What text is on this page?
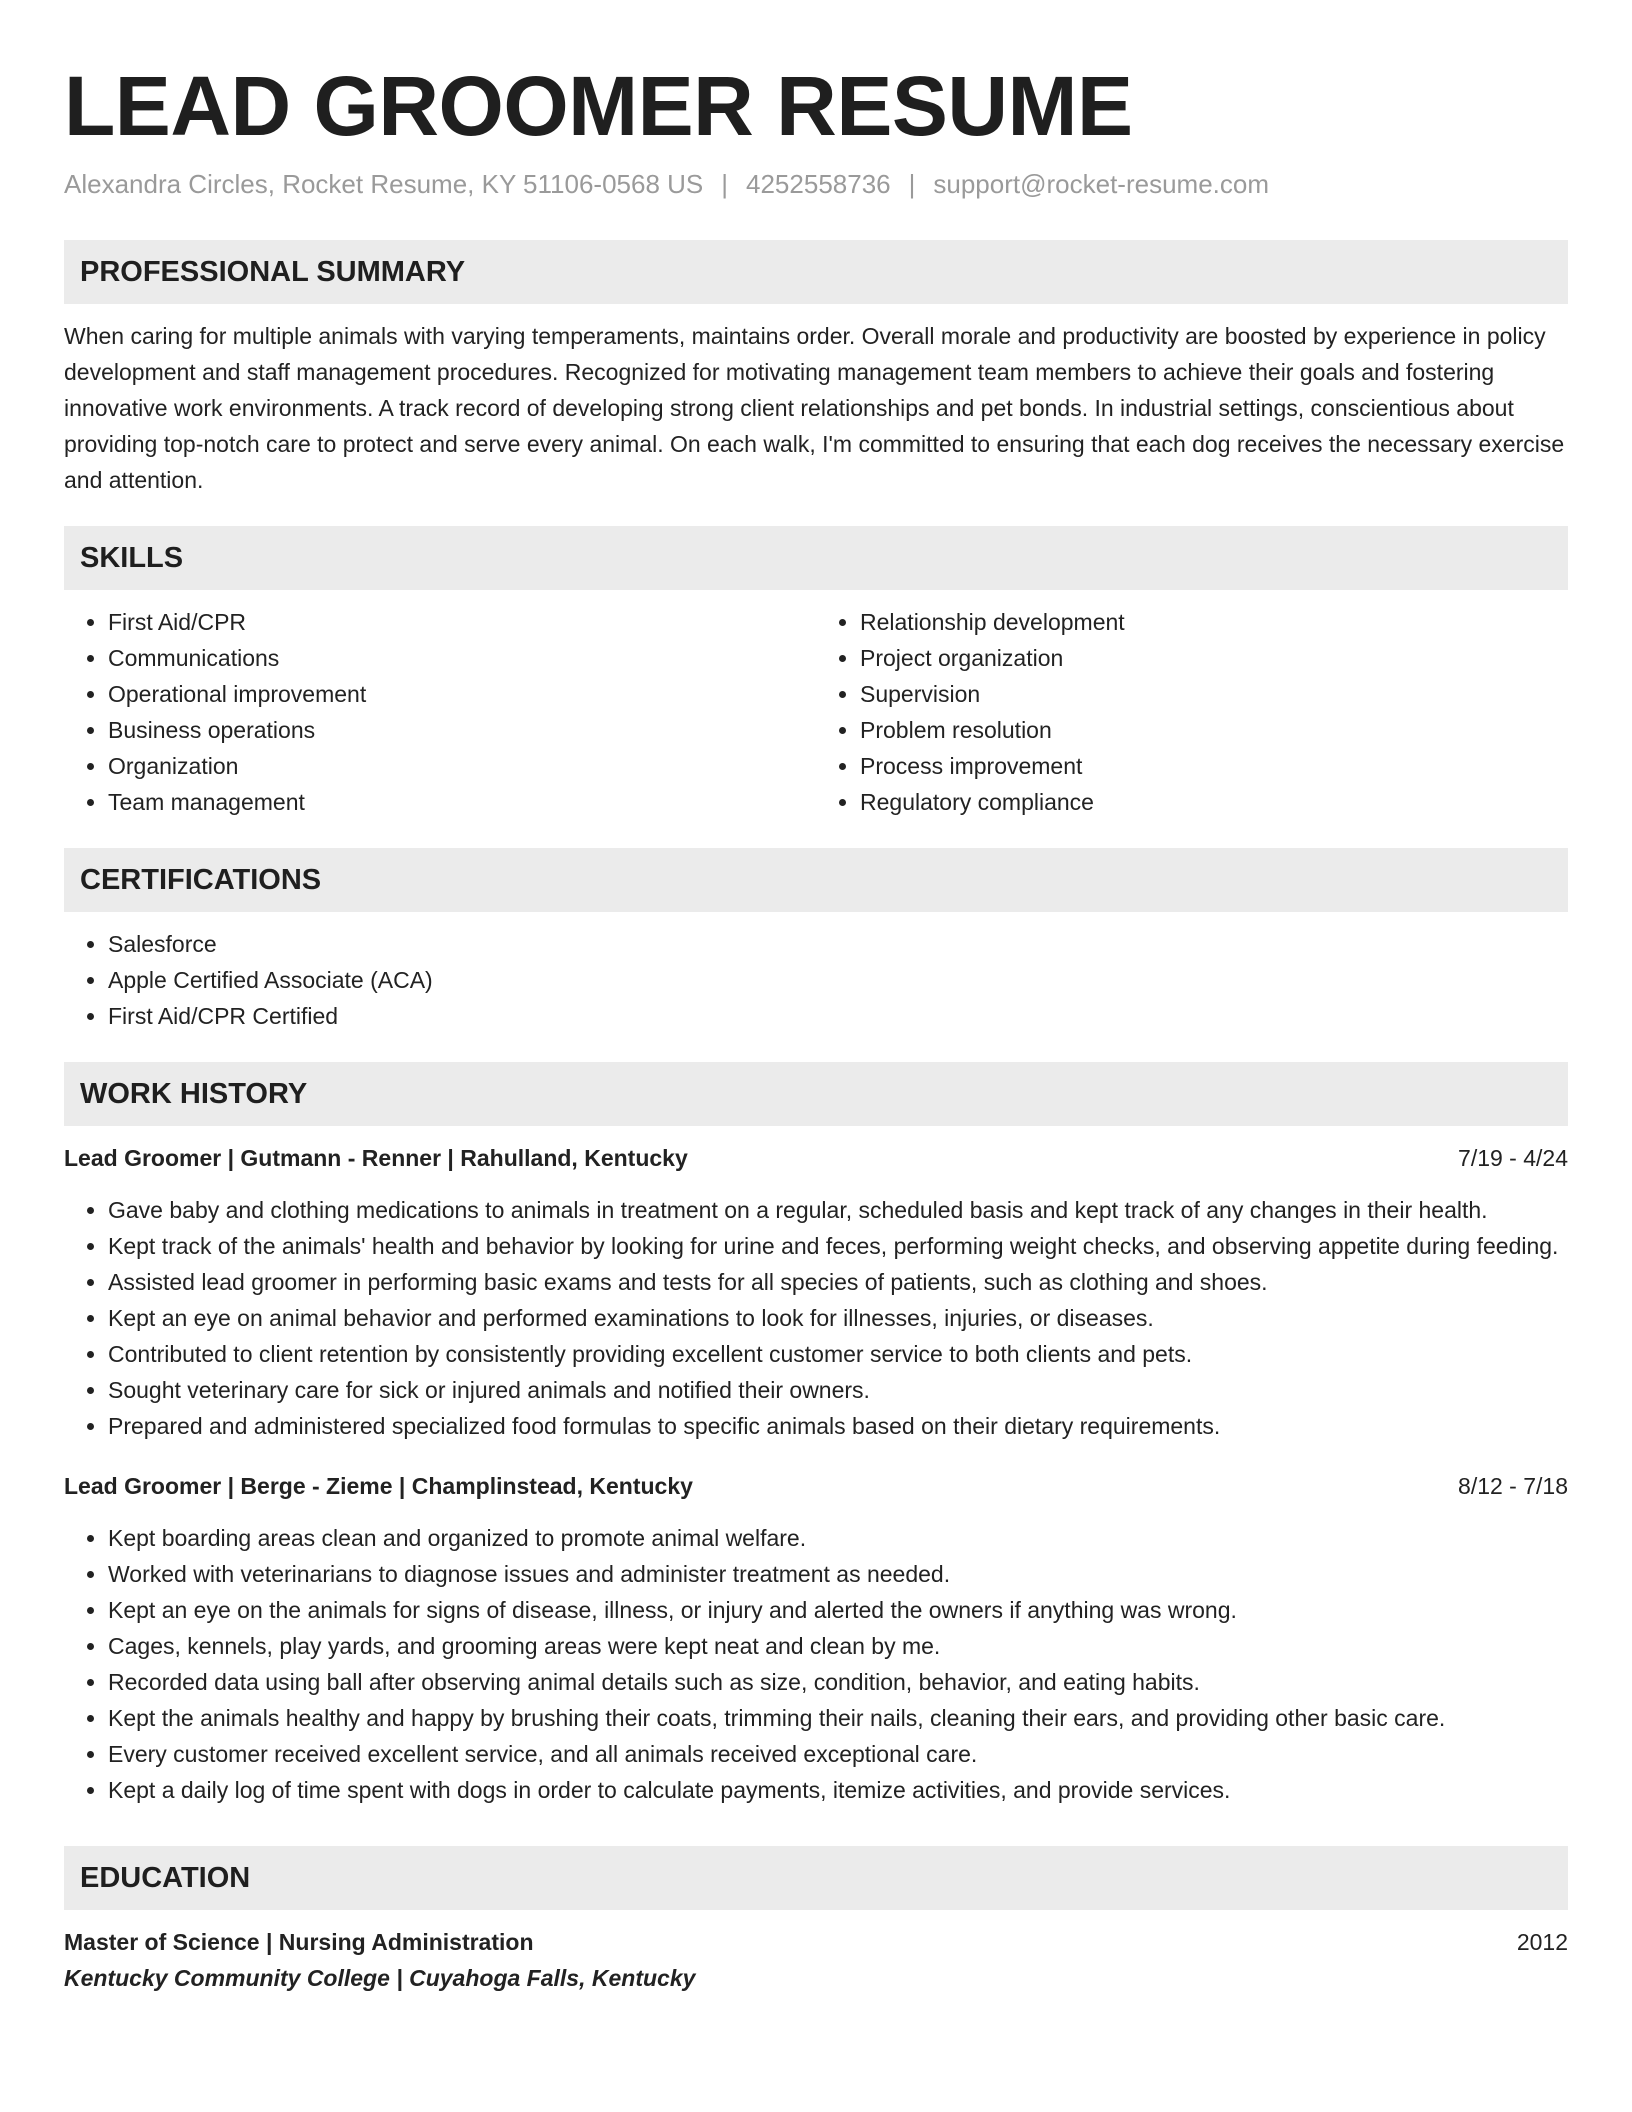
LEAD GROOMER RESUME
Alexandra Circles, Rocket Resume, KY 51106-0568 US | 4252558736 | support@rocket-resume.com
PROFESSIONAL SUMMARY

When caring for multiple animals with varying temperaments, maintains order. Overall morale and productivity are boosted by experience in policy development and staff management procedures. Recognized for motivating management team members to achieve their goals and fostering innovative work environments. A track record of developing strong client relationships and pet bonds. In industrial settings, conscientious about providing top-notch care to protect and serve every animal. On each walk, I'm committed to ensuring that each dog receives the necessary exercise and attention.

SKILLS
• First Aid/CPR
• Communications
• Operational improvement
• Business operations
• Organization
• Team management
• Relationship development
• Project organization
• Supervision
• Problem resolution
• Process improvement
• Regulatory compliance
CERTIFICATIONS
• Salesforce
• Apple Certified Associate (ACA)
• First Aid/CPR Certified
WORK HISTORY
Lead Groomer | Gutmann - Renner | Rahulland, Kentucky	7/19 - 4/24
• Gave baby and clothing medications to animals in treatment on a regular, scheduled basis and kept track of any changes in their health.
• Kept track of the animals' health and behavior by looking for urine and feces, performing weight checks, and observing appetite during feeding.
• Assisted lead groomer in performing basic exams and tests for all species of patients, such as clothing and shoes.
• Kept an eye on animal behavior and performed examinations to look for illnesses, injuries, or diseases.
• Contributed to client retention by consistently providing excellent customer service to both clients and pets.
• Sought veterinary care for sick or injured animals and notified their owners.
• Prepared and administered specialized food formulas to specific animals based on their dietary requirements.
Lead Groomer | Berge - Zieme | Champlinstead, Kentucky	8/12 - 7/18
• Kept boarding areas clean and organized to promote animal welfare.
• Worked with veterinarians to diagnose issues and administer treatment as needed.
• Kept an eye on the animals for signs of disease, illness, or injury and alerted the owners if anything was wrong.
• Cages, kennels, play yards, and grooming areas were kept neat and clean by me.
• Recorded data using ball after observing animal details such as size, condition, behavior, and eating habits.
• Kept the animals healthy and happy by brushing their coats, trimming their nails, cleaning their ears, and providing other basic care.
• Every customer received excellent service, and all animals received exceptional care.
• Kept a daily log of time spent with dogs in order to calculate payments, itemize activities, and provide services.
EDUCATION
Master of Science | Nursing Administration	2012
Kentucky Community College | Cuyahoga Falls, Kentucky
